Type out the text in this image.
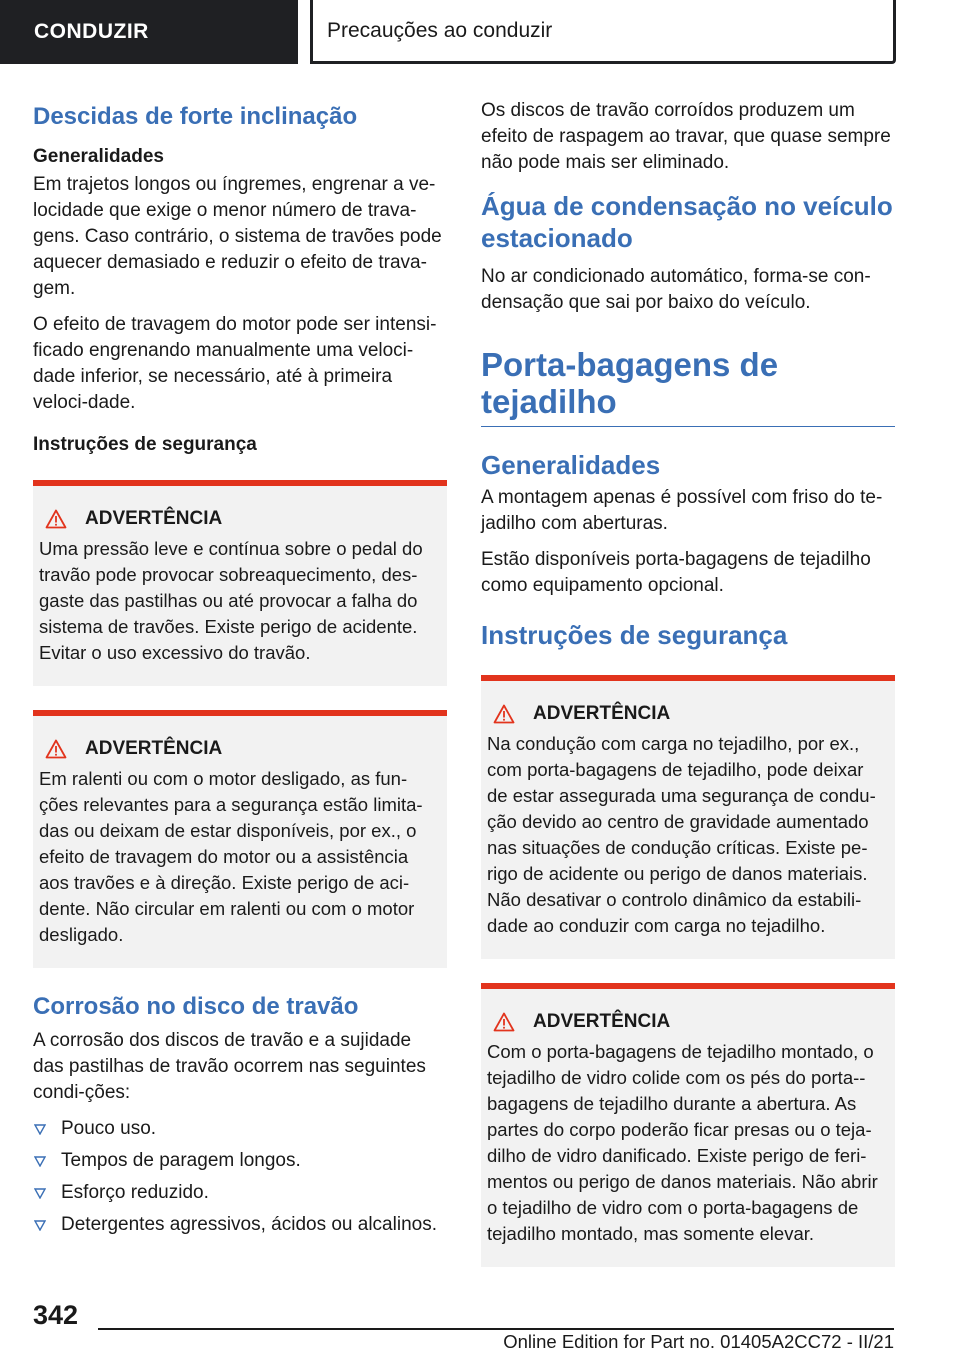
CONDUZIR	Precauções ao conduzir
Descidas de forte inclinação
Generalidades

Em trajetos longos ou íngremes, engrenar a ve-locidade que exige o menor número de trava-gens. Caso contrário, o sistema de travões pode aquecer demasiado e reduzir o efeito de trava-gem.

O efeito de travagem do motor pode ser intensi-ficado engrenando manualmente uma veloci-dade inferior, se necessário, até à primeira veloci-dade.

Instruções de segurança
ADVERTÊNCIA

Uma pressão leve e contínua sobre o pedal do travão pode provocar sobreaquecimento, des-gaste das pastilhas ou até provocar a falha do sistema de travões. Existe perigo de acidente. Evitar o uso excessivo do travão.

ADVERTÊNCIA

Em ralenti ou com o motor desligado, as fun-ções relevantes para a segurança estão limita-das ou deixam de estar disponíveis, por ex., o efeito de travagem do motor ou a assistência aos travões e à direção. Existe perigo de aci-dente. Não circular em ralenti ou com o motor desligado.

Corrosão no disco de travão

A corrosão dos discos de travão e a sujidade das pastilhas de travão ocorrem nas seguintes condi-ções:

Pouco uso.
Tempos de paragem longos.
Esforço reduzido.
Detergentes agressivos, ácidos ou alcalinos.

Os discos de travão corroídos produzem um efeito de raspagem ao travar, que quase sempre não pode mais ser eliminado.

Água de condensação no veículo estacionado

No ar condicionado automático, forma-se con-densação que sai por baixo do veículo.

Porta-bagagens de tejadilho
Generalidades

A montagem apenas é possível com friso do te-jadilho com aberturas.

Estão disponíveis porta-bagagens de tejadilho como equipamento opcional.

Instruções de segurança
ADVERTÊNCIA

Na condução com carga no tejadilho, por ex., com porta-bagagens de tejadilho, pode deixar de estar assegurada uma segurança de condu-ção devido ao centro de gravidade aumentado nas situações de condução críticas. Existe pe-rigo de acidente ou perigo de danos materiais. Não desativar o controlo dinâmico da estabili-dade ao conduzir com carga no tejadilho.

ADVERTÊNCIA

Com o porta-bagagens de tejadilho montado, o tejadilho de vidro colide com os pés do porta--bagagens de tejadilho durante a abertura. As partes do corpo poderão ficar presas ou o teja-dilho de vidro danificado. Existe perigo de feri-mentos ou perigo de danos materiais. Não abrir o tejadilho de vidro com o porta-bagagens de tejadilho montado, mas somente elevar.

342
Online Edition for Part no. 01405A2CC72 - II/21
